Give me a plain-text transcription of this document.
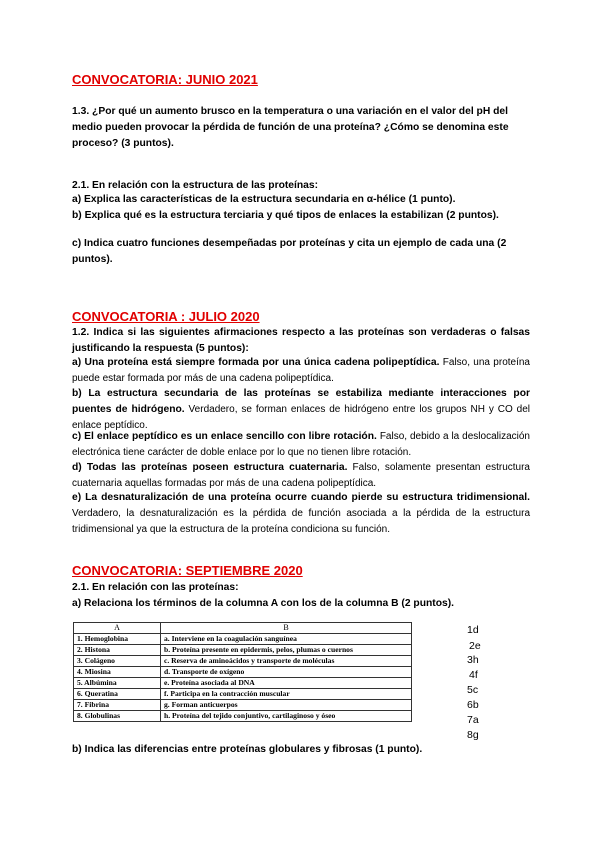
CONVOCATORIA: JUNIO 2021
1.3. ¿Por qué un aumento brusco en la temperatura o una variación en el valor del pH del medio pueden provocar la pérdida de función de una proteína? ¿Cómo se denomina este proceso? (3 puntos).
2.1. En relación con la estructura de las proteínas:
a) Explica las características de la estructura secundaria en α-hélice (1 punto).
b) Explica qué es la estructura terciaria y qué tipos de enlaces la estabilizan (2 puntos).
c) Indica cuatro funciones desempeñadas por proteínas y cita un ejemplo de cada una (2 puntos).
CONVOCATORIA : JULIO 2020
1.2. Indica si las siguientes afirmaciones respecto a las proteínas son verdaderas o falsas justificando la respuesta (5 puntos):
a) Una proteína está siempre formada por una única cadena polipeptídica. Falso, una proteína puede estar formada por más de una cadena polipeptídica.
b) La estructura secundaria de las proteínas se estabiliza mediante interacciones por puentes de hidrógeno. Verdadero, se forman enlaces de hidrógeno entre los grupos NH y CO del enlace peptídico.
c) El enlace peptídico es un enlace sencillo con libre rotación. Falso, debido a la deslocalización electrónica tiene carácter de doble enlace por lo que no tienen libre rotación.
d) Todas las proteínas poseen estructura cuaternaria. Falso, solamente presentan estructura cuaternaria aquellas formadas por más de una cadena polipeptídica.
e) La desnaturalización de una proteína ocurre cuando pierde su estructura tridimensional. Verdadero, la desnaturalización es la pérdida de función asociada a la pérdida de la estructura tridimensional ya que la estructura de la proteína condiciona su función.
CONVOCATORIA: SEPTIEMBRE 2020
2.1. En relación con las proteínas:
a) Relaciona los términos de la columna A con los de la columna B (2 puntos).
A	B
1. Hemoglobina	a. Interviene en la coagulación sanguínea
2. Histona	b. Proteína presente en epidermis, pelos, plumas o cuernos
3. Colágeno	c. Reserva de aminoácidos y transporte de moléculas
4. Miosina	d. Transporte de oxígeno
5. Albúmina	e. Proteína asociada al DNA
6. Queratina	f. Participa en la contracción muscular
7. Fibrina	g. Forman anticuerpos
8. Globulinas	h. Proteína del tejido conjuntivo, cartilaginoso y óseo
1d
2e
3h
4f
5c
6b
7a
8g
b) Indica las diferencias entre proteínas globulares y fibrosas (1 punto).
